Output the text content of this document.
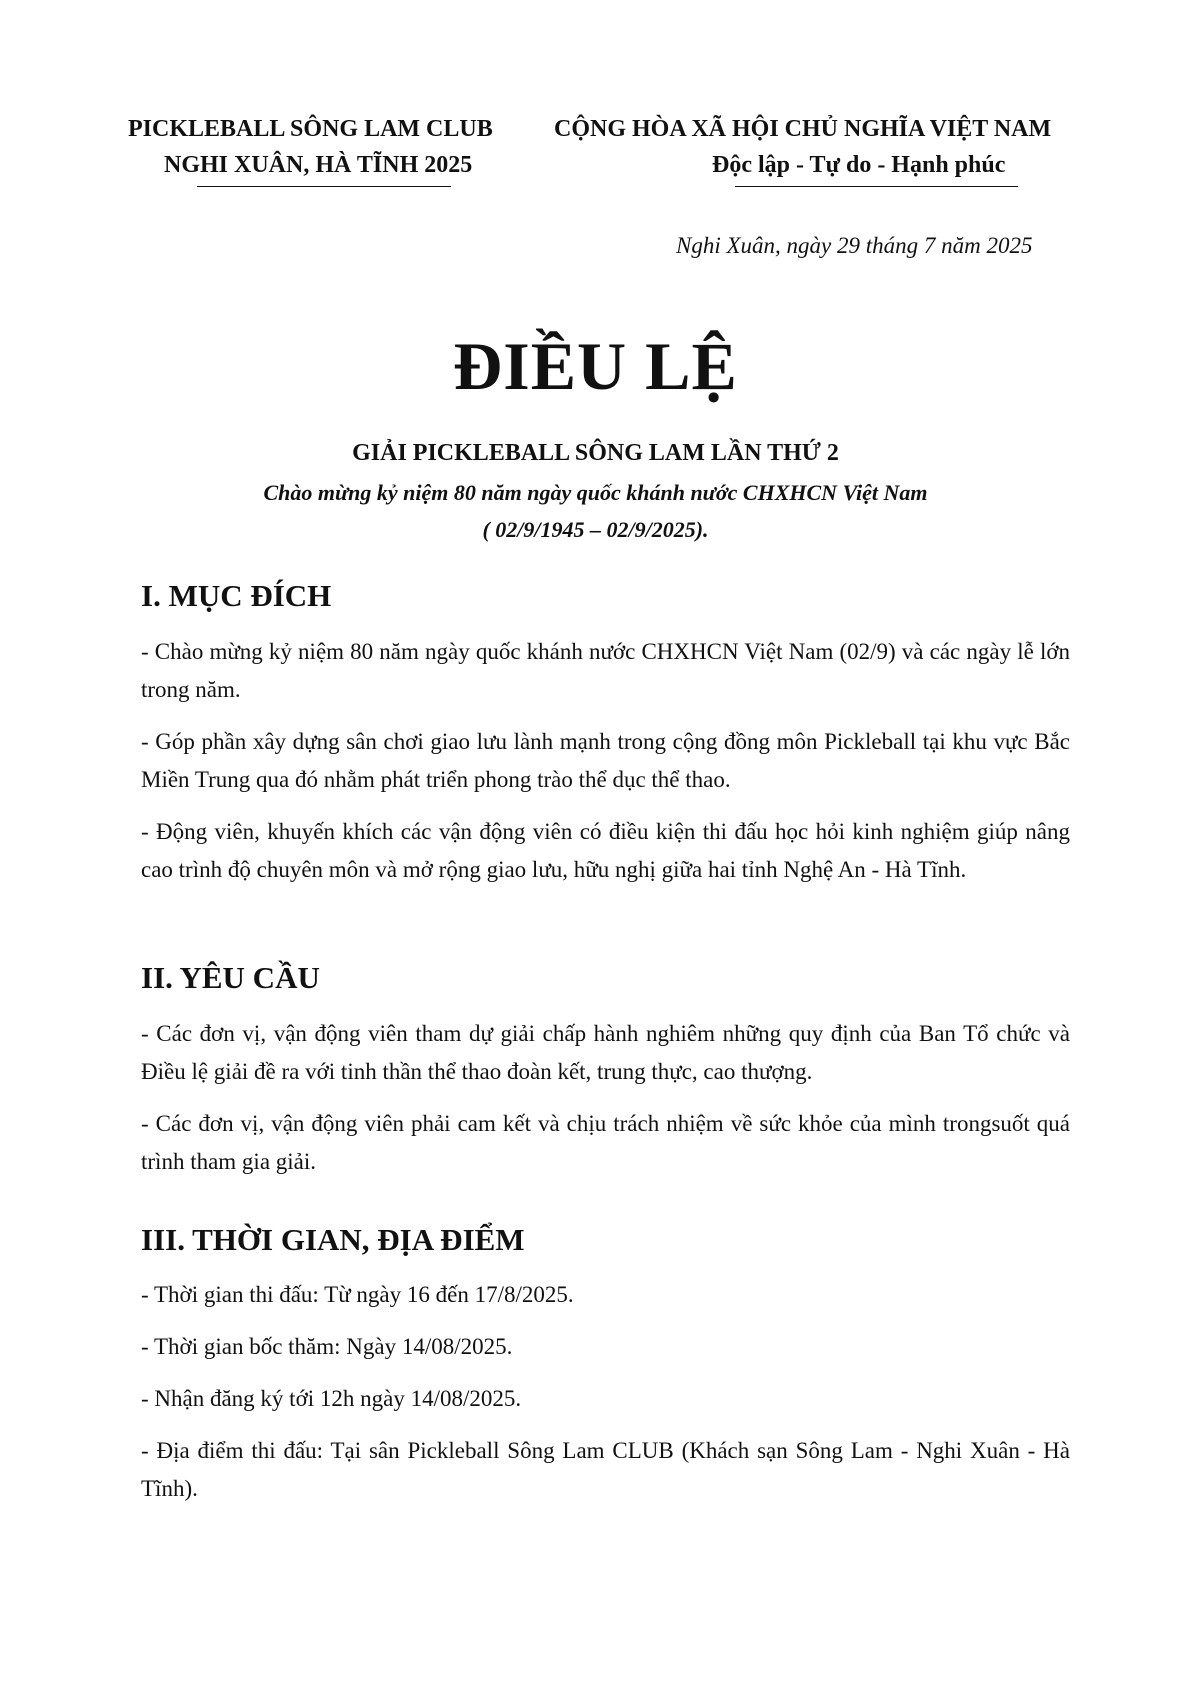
PICKLEBALL SÔNG LAM CLUB
NGHI XUÂN, HÀ TĨNH 2025
CỘNG HÒA XÃ HỘI CHỦ NGHĨA VIỆT NAM
Độc lập - Tự do - Hạnh phúc
Nghi Xuân, ngày 29 tháng 7 năm 2025
ĐIỀU LỆ
GIẢI PICKLEBALL SÔNG LAM LẦN THỨ 2
Chào mừng kỷ niệm 80 năm ngày quốc khánh nước CHXHCN Việt Nam
( 02/9/1945 – 02/9/2025).
I. MỤC ĐÍCH

- Chào mừng kỷ niệm 80 năm ngày quốc khánh nước CHXHCN Việt Nam (02/9) và các ngày lễ lớn trong năm.

- Góp phần xây dựng sân chơi giao lưu lành mạnh trong cộng đồng môn Pickleball tại khu vực Bắc Miền Trung qua đó nhằm phát triển phong trào thể dục thể thao.

- Động viên, khuyến khích các vận động viên có điều kiện thi đấu học hỏi kinh nghiệm giúp nâng cao trình độ chuyên môn và mở rộng giao lưu, hữu nghị giữa hai tỉnh Nghệ An - Hà Tĩnh.

II. YÊU CẦU

- Các đơn vị, vận động viên tham dự giải chấp hành nghiêm những quy định của Ban Tổ chức và Điều lệ giải đề ra với tinh thần thể thao đoàn kết, trung thực, cao thượng.

- Các đơn vị, vận động viên phải cam kết và chịu trách nhiệm về sức khỏe của mình trongsuốt quá trình tham gia giải.

III. THỜI GIAN, ĐỊA ĐIỂM

- Thời gian thi đấu: Từ ngày 16 đến 17/8/2025.

- Thời gian bốc thăm: Ngày 14/08/2025.

- Nhận đăng ký tới 12h ngày 14/08/2025.

- Địa điểm thi đấu: Tại sân Pickleball Sông Lam CLUB (Khách sạn Sông Lam - Nghi Xuân - Hà Tĩnh).
